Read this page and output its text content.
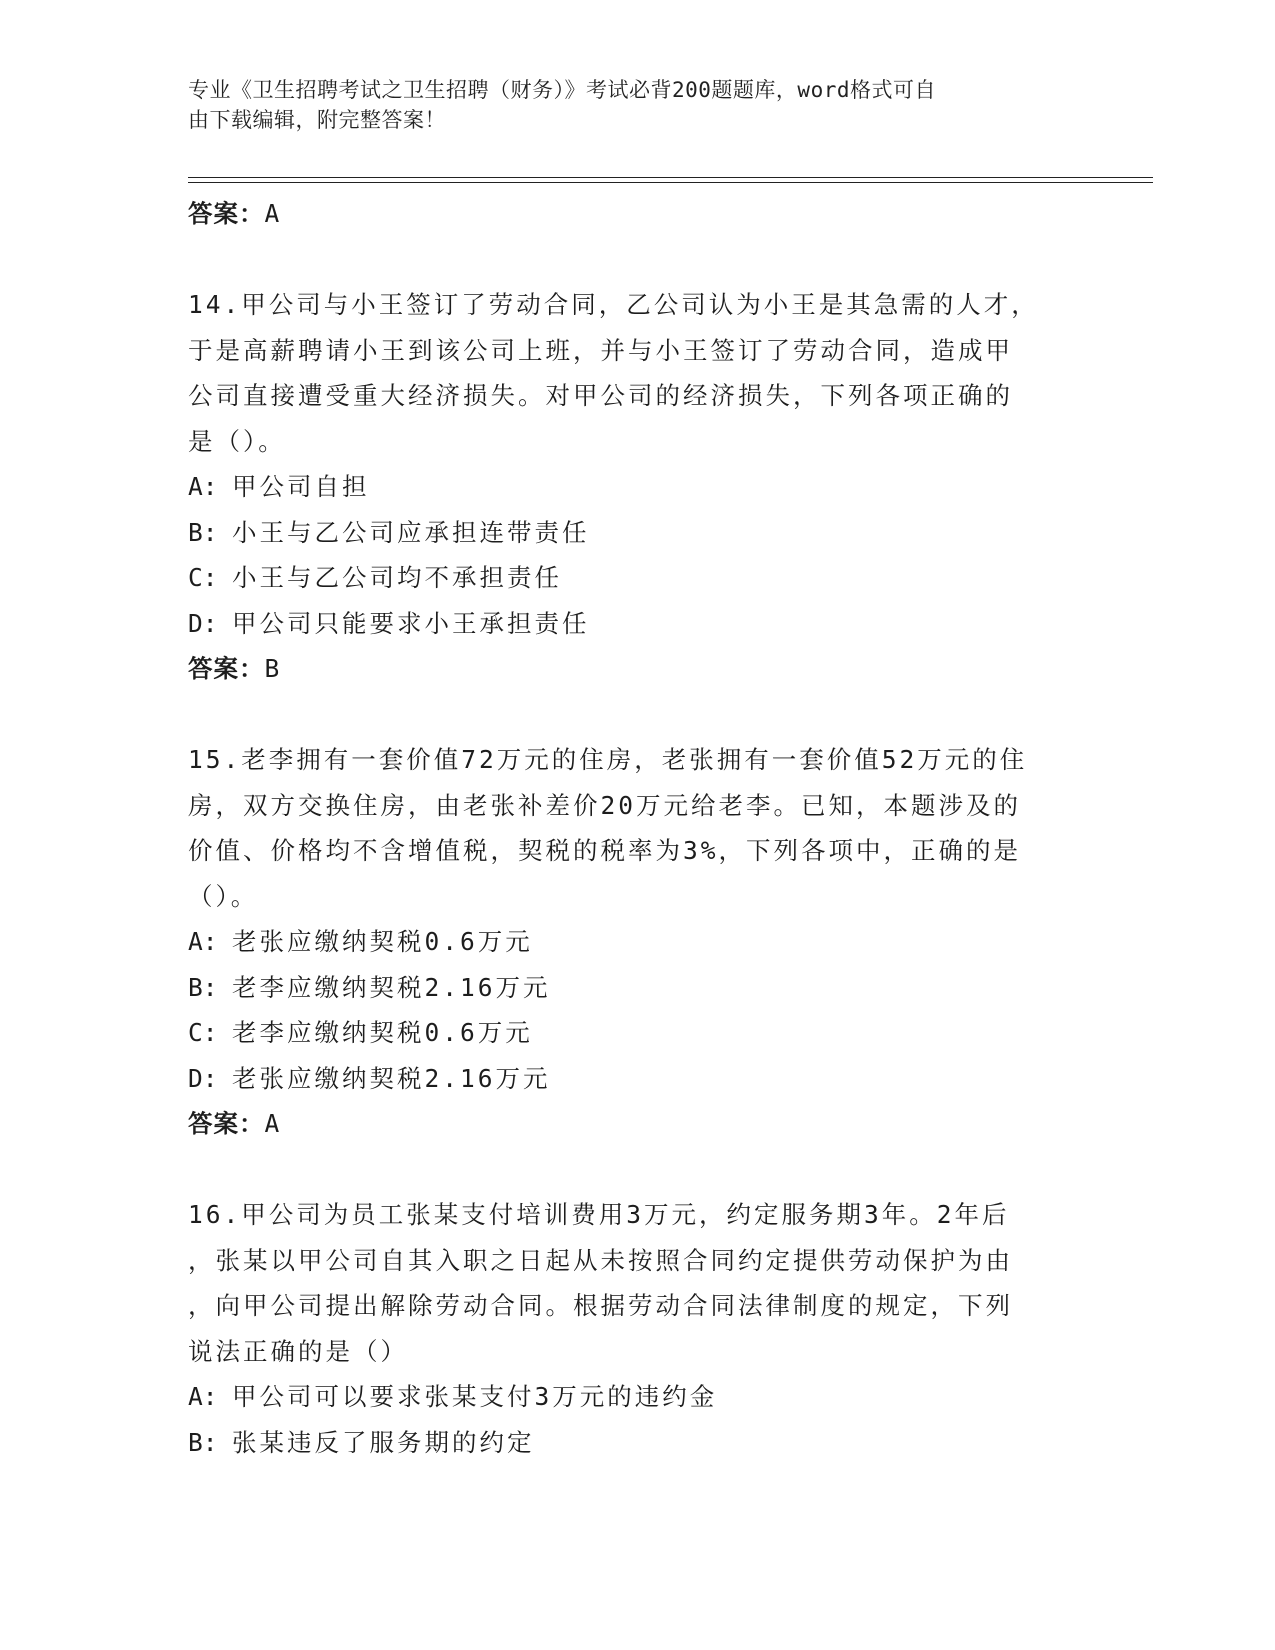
专业《卫生招聘考试之卫生招聘（财务）》考试必背200题题库，word格式可自
由下载编辑，附完整答案！
答案：A
14.甲公司与小王签订了劳动合同，乙公司认为小王是其急需的人才，
于是高薪聘请小王到该公司上班，并与小王签订了劳动合同，造成甲
公司直接遭受重大经济损失。对甲公司的经济损失，下列各项正确的
是（）。
A: 甲公司自担
B: 小王与乙公司应承担连带责任
C: 小王与乙公司均不承担责任
D: 甲公司只能要求小王承担责任
答案：B
15.老李拥有一套价值72万元的住房，老张拥有一套价值52万元的住
房，双方交换住房，由老张补差价20万元给老李。已知，本题涉及的
价值、价格均不含增值税，契税的税率为3%，下列各项中，正确的是
（）。
A: 老张应缴纳契税0.6万元
B: 老李应缴纳契税2.16万元
C: 老李应缴纳契税0.6万元
D: 老张应缴纳契税2.16万元
答案：A
16.甲公司为员工张某支付培训费用3万元，约定服务期3年。2年后
，张某以甲公司自其入职之日起从未按照合同约定提供劳动保护为由
，向甲公司提出解除劳动合同。根据劳动合同法律制度的规定，下列
说法正确的是（）
A: 甲公司可以要求张某支付3万元的违约金
B: 张某违反了服务期的约定
